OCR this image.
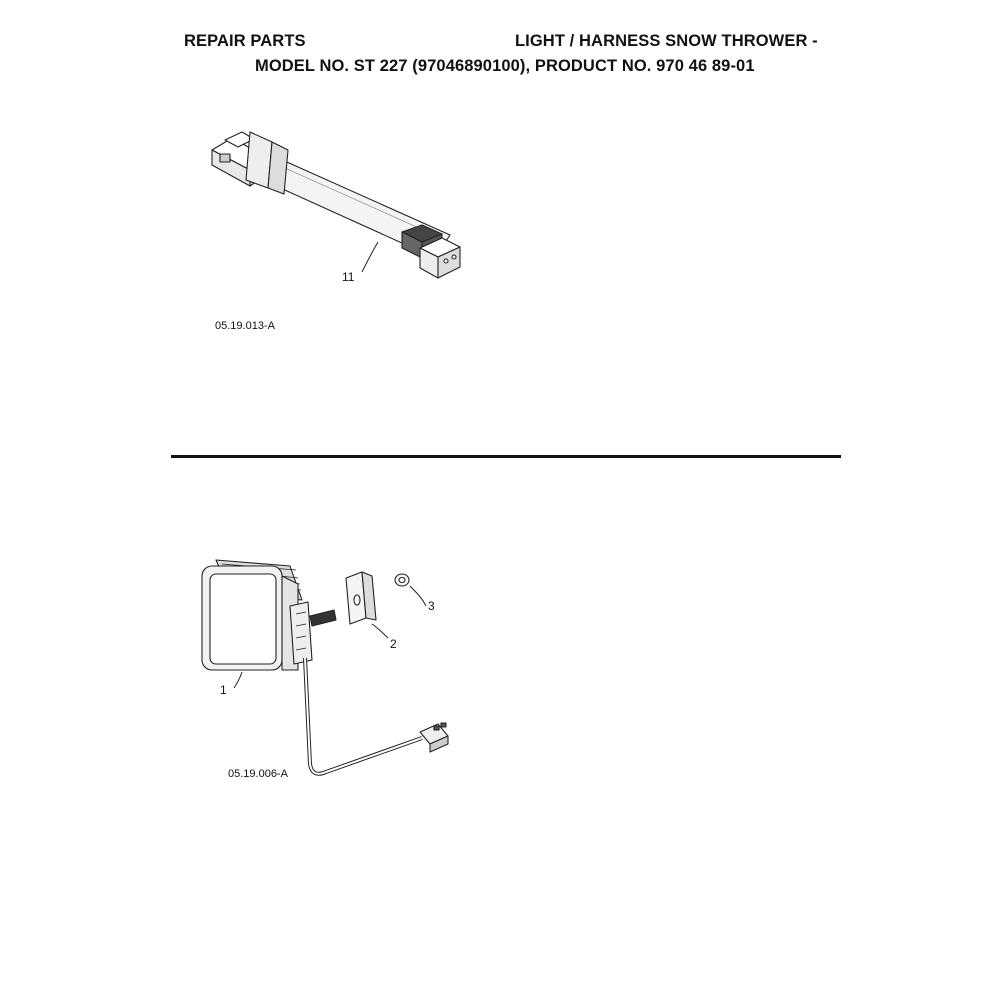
REPAIR PARTS	LIGHT / HARNESS SNOW THROWER -
MODEL NO. ST 227 (97046890100), PRODUCT NO. 970 46 89-01
11
05.19.013-A
1
2
3
05.19.006-A
